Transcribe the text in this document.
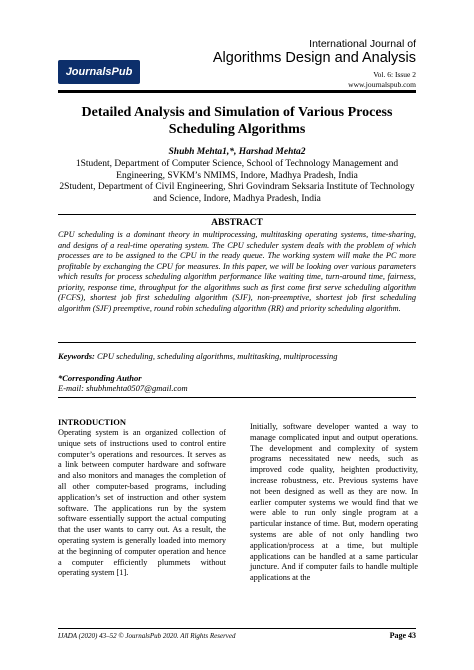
JournalsPub
International Journal of
Algorithms Design and Analysis
Vol. 6: Issue 2
www.journalspub.com
Detailed Analysis and Simulation of Various Process Scheduling Algorithms
Shubh Mehta1,*, Harshad Mehta2
1Student, Department of Computer Science, School of Technology Management and Engineering, SVKM’s NMIMS, Indore, Madhya Pradesh, India
2Student, Department of Civil Engineering, Shri Govindram Seksaria Institute of Technology and Science, Indore, Madhya Pradesh, India
ABSTRACT
CPU scheduling is a dominant theory in multiprocessing, multitasking operating systems, time-sharing, and designs of a real-time operating system. The CPU scheduler system deals with the problem of which processes are to be assigned to the CPU in the ready queue. The working system will make the PC more profitable by exchanging the CPU for measures. In this paper, we will be looking over various parameters which results for process scheduling algorithm performance like waiting time, turn-around time, fairness, priority, response time, throughput for the algorithms such as first come first serve scheduling algorithm (FCFS), shortest job first scheduling algorithm (SJF), non-preemptive, shortest job first scheduling algorithm (SJF) preemptive, round robin scheduling algorithm (RR) and priority scheduling algorithm.
Keywords: CPU scheduling, scheduling algorithms, multitasking, multiprocessing
*Corresponding Author
E-mail: shubhmehta0507@gmail.com
INTRODUCTION
Operating system is an organized collection of unique sets of instructions used to control entire computer’s operations and resources. It serves as a link between computer hardware and software and also monitors and manages the completion of all other computer-based programs, including application’s set of instruction and other system software. The applications run by the system software essentially support the actual computing that the user wants to carry out. As a result, the operating system is generally loaded into memory at the beginning of computer operation and hence a computer efficiently plummets without operating system [1].
Initially, software developer wanted a way to manage complicated input and output operations. The development and complexity of system programs necessitated new needs, such as improved code quality, heighten productivity, increase robustness, etc. Previous systems have not been designed as well as they are now. In earlier computer systems we would find that we were able to run only single program at a particular instance of time. But, modern operating systems are able of not only handling two application/process at a time, but multiple applications can be handled at a same particular juncture. And if computer fails to handle multiple applications at the
IJADA (2020) 43–52 © JournalsPub 2020. All Rights Reserved	Page 43
